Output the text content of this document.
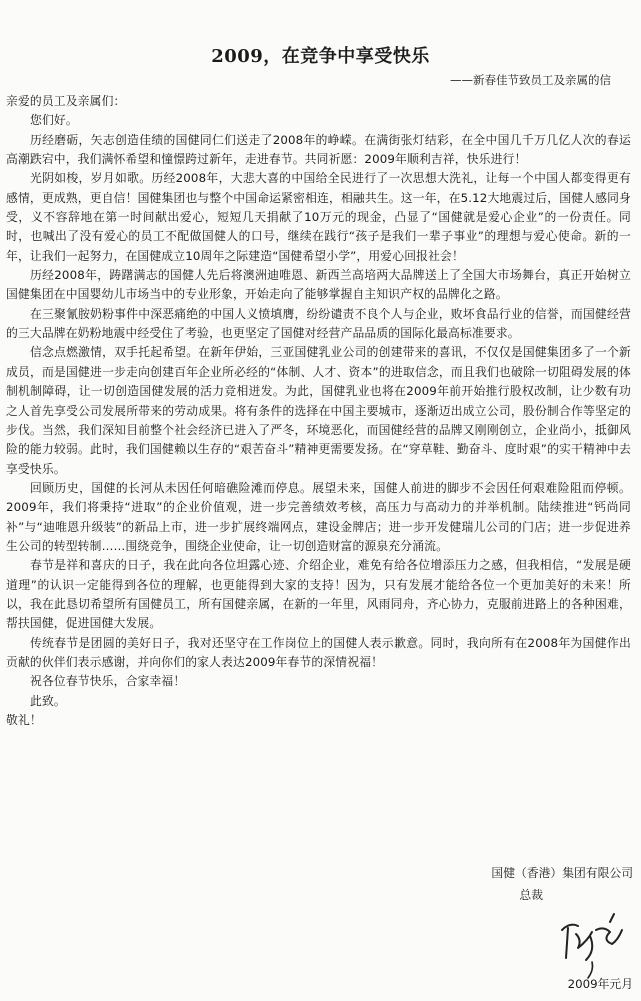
2009，在竞争中享受快乐
——新春佳节致员工及亲属的信

亲爱的员工及亲属们：

您们好。

历经磨砺，矢志创造佳绩的国健同仁们送走了2008年的峥嵘。在满街张灯结彩，在全中国几千万几亿人次的春运高潮跌宕中，我们满怀希望和憧憬跨过新年，走进春节。共同祈愿：2009年顺利吉祥，快乐进行！

光阴如梭，岁月如歌。历经2008年，大悲大喜的中国给全民进行了一次思想大洗礼，让每一个中国人都变得更有感情，更成熟，更自信！国健集团也与整个中国命运紧密相连，相融共生。这一年，在5.12大地震过后，国健人感同身受，义不容辞地在第一时间献出爱心，短短几天捐献了10万元的现金，凸显了“国健就是爱心企业”的一份责任。同时，也喊出了没有爱心的员工不配做国健人的口号，继续在践行“孩子是我们一辈子事业”的理想与爱心使命。新的一年，让我们一起努力，在国健成立10周年之际建造“国健希望小学”，用爱心回报社会！

历经2008年，踌躇满志的国健人先后将澳洲迪唯恩、新西兰高培两大品牌送上了全国大市场舞台，真正开始树立国健集团在中国婴幼儿市场当中的专业形象，开始走向了能够掌握自主知识产权的品牌化之路。

在三聚氰胺奶粉事件中深恶痛绝的中国人义愤填膺，纷纷谴责不良个人与企业，败坏食品行业的信誉，而国健经营的三大品牌在奶粉地震中经受住了考验，也更坚定了国健对经营产品品质的国际化最高标准要求。

信念点燃激情，双手托起希望。在新年伊始，三亚国健乳业公司的创建带来的喜讯，不仅仅是国健集团多了一个新成员，而是国健进一步走向创建百年企业所必经的“体制、人才、资本”的进取信念，而且我们也破除一切阻碍发展的体制机制障碍，让一切创造国健发展的活力竞相迸发。为此，国健乳业也将在2009年前开始推行股权改制，让少数有功之人首先享受公司发展所带来的劳动成果。将有条件的选择在中国主要城市，逐渐迈出成立公司，股份制合作等坚定的步伐。当然，我们深知目前整个社会经济已进入了严冬，环境恶化，而国健经营的品牌又刚刚创立，企业尚小，抵御风险的能力较弱。此时，我们国健赖以生存的“艰苦奋斗”精神更需要发扬。在“穿草鞋、勤奋斗、度时艰”的实干精神中去享受快乐。

回顾历史，国健的长河从未因任何暗礁险滩而停息。展望未来，国健人前进的脚步不会因任何艰难险阻而停顿。2009年，我们将秉持“进取”的企业价值观，进一步完善绩效考核，高压力与高动力的并举机制。陆续推进“钙尚同补”与“迪唯恩升级装”的新品上市，进一步扩展终端网点，建设金牌店；进一步开发健瑞儿公司的门店；进一步促进养生公司的转型转制……围绕竞争，围绕企业使命，让一切创造财富的源泉充分涌流。

春节是祥和喜庆的日子，我在此向各位坦露心迹、介绍企业，难免有给各位增添压力之感，但我相信，“发展是硬道理”的认识一定能得到各位的理解，也更能得到大家的支持！因为，只有发展才能给各位一个更加美好的未来！所以，我在此恳切希望所有国健员工，所有国健亲属，在新的一年里，风雨同舟，齐心协力，克服前进路上的各种困难，帮扶国健，促进国健大发展。

传统春节是团圆的美好日子，我对还坚守在工作岗位上的国健人表示歉意。同时，我向所有在2008年为国健作出贡献的伙伴们表示感谢，并向你们的家人表达2009年春节的深情祝福！

祝各位春节快乐，合家幸福！

此致。

敬礼！

国健（香港）集团有限公司
总裁
2009年元月
